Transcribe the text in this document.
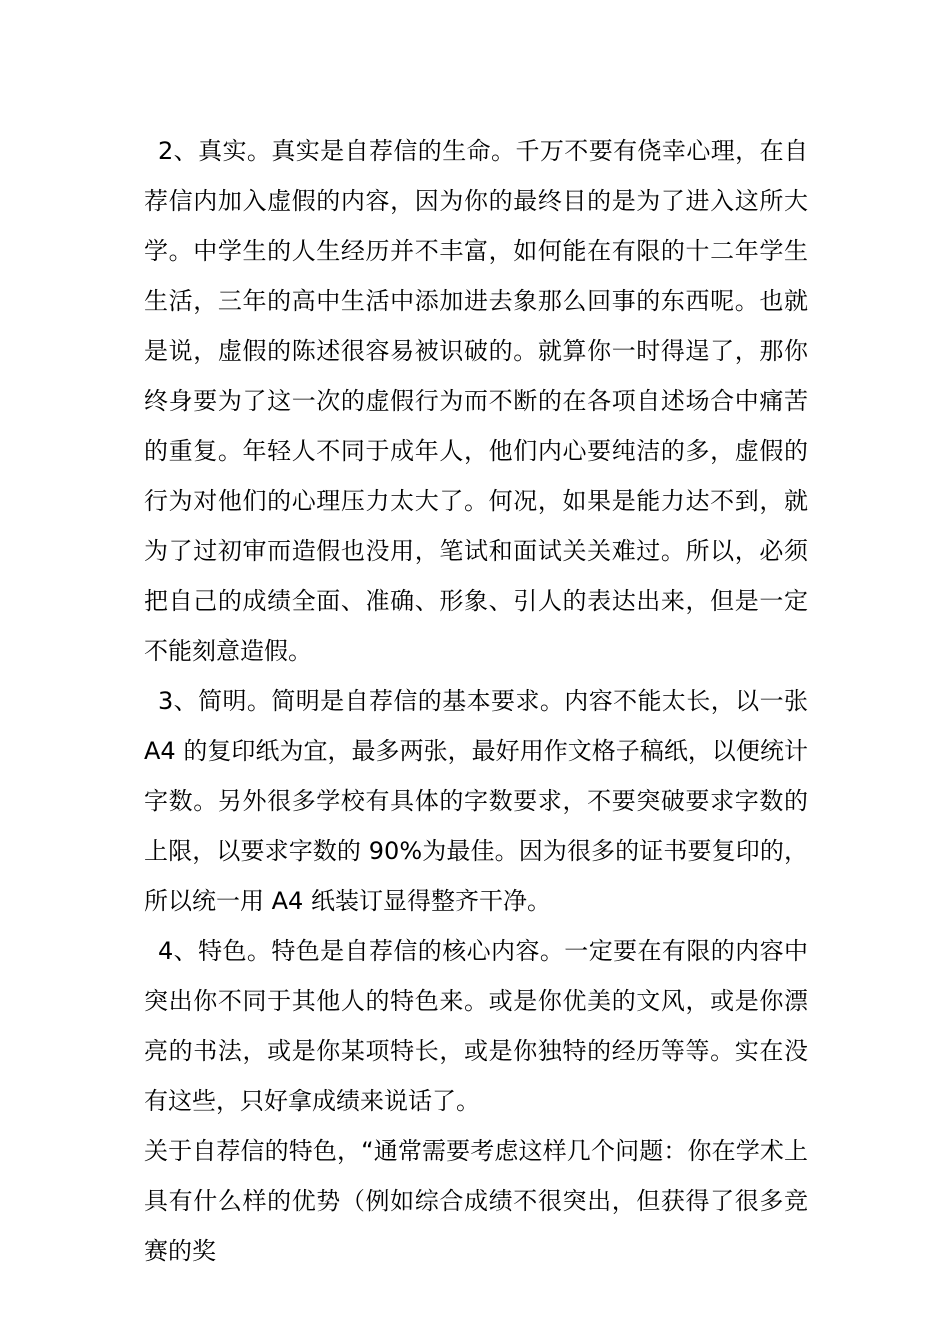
2、真实。真实是自荐信的生命。千万不要有侥幸心理，在自荐信内加入虚假的内容，因为你的最终目的是为了进入这所大学。中学生的人生经历并不丰富，如何能在有限的十二年学生生活，三年的高中生活中添加进去象那么回事的东西呢。也就是说，虚假的陈述很容易被识破的。就算你一时得逞了，那你终身要为了这一次的虚假行为而不断的在各项自述场合中痛苦的重复。年轻人不同于成年人，他们内心要纯洁的多，虚假的行为对他们的心理压力太大了。何况，如果是能力达不到，就为了过初审而造假也没用，笔试和面试关关难过。所以，必须把自己的成绩全面、准确、形象、引人的表达出来，但是一定不能刻意造假。

3、简明。简明是自荐信的基本要求。内容不能太长，以一张 A4 的复印纸为宜，最多两张，最好用作文格子稿纸，以便统计字数。另外很多学校有具体的字数要求，不要突破要求字数的上限，以要求字数的 90%为最佳。因为很多的证书要复印的，所以统一用 A4 纸装订显得整齐干净。

4、特色。特色是自荐信的核心内容。一定要在有限的内容中突出你不同于其他人的特色来。或是你优美的文风，或是你漂亮的书法，或是你某项特长，或是你独特的经历等等。实在没有这些，只好拿成绩来说话了。

关于自荐信的特色，“通常需要考虑这样几个问题：你在学术上具有什么样的优势（例如综合成绩不很突出，但获得了很多竞赛的奖
